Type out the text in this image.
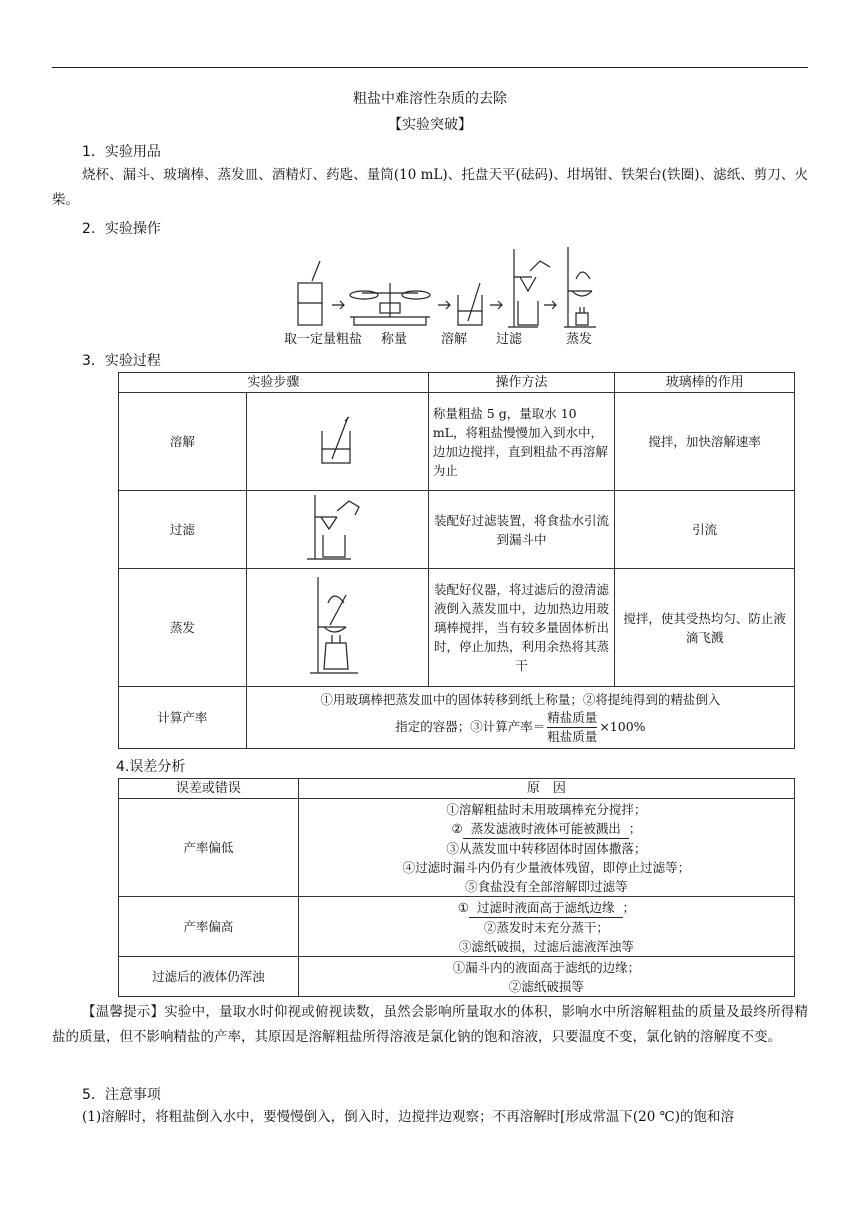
粗盐中难溶性杂质的去除
【实验突破】
1．实验用品
烧杯、漏斗、玻璃棒、蒸发皿、酒精灯、药匙、量筒(10 mL)、托盘天平(砝码)、坩埚钳、铁架台(铁圈)、滤纸、剪刀、火柴。
2．实验操作
取一定量粗盐 称量	溶解 过滤	蒸发
3．实验过程
实验步骤		操作方法	玻璃棒的作用
溶解		称量粗盐 5 g，量取水 10 mL，将粗盐慢慢加入到水中，边加边搅拌，直到粗盐不再溶解为止	搅拌，加快溶解速率
过滤		装配好过滤装置，将食盐水引流到漏斗中	引流
蒸发		装配好仪器，将过滤后的澄清滤液倒入蒸发皿中，边加热边用玻璃棒搅拌，当有较多量固体析出时，停止加热，利用余热将其蒸干	搅拌，使其受热均匀、防止液滴飞溅
计算产率	①用玻璃棒把蒸发皿中的固体转移到纸上称量；②将提纯得到的精盐倒入
指定的容器；③计算产率＝ $\frac{\text{精盐质量}}{\text{粗盐质量}} \times 100\%$		
4.误差分析
误差或错误	原　因
产率偏低	①溶解粗盐时未用玻璃棒充分搅拌；
② 蒸发滤液时液体可能被溅出 ；
③从蒸发皿中转移固体时固体撒落；
④过滤时漏斗内仍有少量液体残留，即停止过滤等；
⑤食盐没有全部溶解即过滤等

产率偏高	① 过滤时液面高于滤纸边缘 ；
②蒸发时未充分蒸干；
③滤纸破损，过滤后滤液浑浊等

过滤后的液体仍浑浊	①漏斗内的液面高于滤纸的边缘；
②滤纸破损等
【温馨提示】实验中，量取水时仰视或俯视读数，虽然会影响所量取水的体积，影响水中所溶解粗盐的质量及最终所得精盐的质量，但不影响精盐的产率，其原因是溶解粗盐所得溶液是氯化钠的饱和溶液，只要温度不变，氯化钠的溶解度不变。
5．注意事项
(1)溶解时，将粗盐倒入水中，要慢慢倒入，倒入时，边搅拌边观察；不再溶解时[形成常温下(20 ℃)的饱和溶
